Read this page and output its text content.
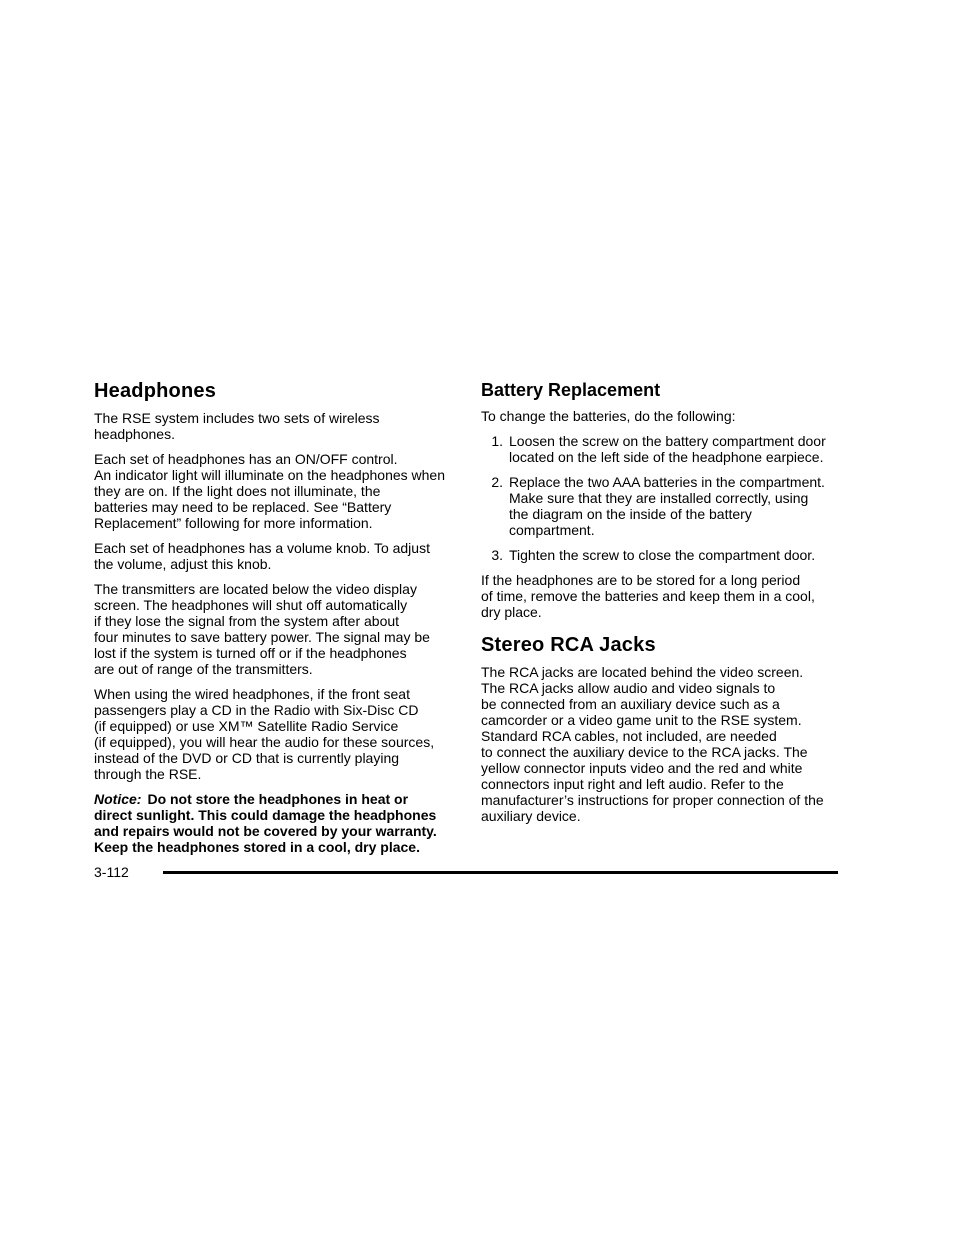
Headphones

The RSE system includes two sets of wireless
headphones.

Each set of headphones has an ON/OFF control.
An indicator light will illuminate on the headphones when
they are on. If the light does not illuminate, the
batteries may need to be replaced. See “Battery
Replacement” following for more information.

Each set of headphones has a volume knob. To adjust
the volume, adjust this knob.

The transmitters are located below the video display
screen. The headphones will shut off automatically
if they lose the signal from the system after about
four minutes to save battery power. The signal may be
lost if the system is turned off or if the headphones
are out of range of the transmitters.

When using the wired headphones, if the front seat
passengers play a CD in the Radio with Six-Disc CD
(if equipped) or use XM™ Satellite Radio Service
(if equipped), you will hear the audio for these sources,
instead of the DVD or CD that is currently playing
through the RSE.

Notice: Do not store the headphones in heat or
direct sunlight. This could damage the headphones
and repairs would not be covered by your warranty.
Keep the headphones stored in a cool, dry place.

Battery Replacement

To change the batteries, do the following:

1. Loosen the screw on the battery compartment door
located on the left side of the headphone earpiece.
2. Replace the two AAA batteries in the compartment.
Make sure that they are installed correctly, using
the diagram on the inside of the battery
compartment.
3. Tighten the screw to close the compartment door.

If the headphones are to be stored for a long period
of time, remove the batteries and keep them in a cool,
dry place.

Stereo RCA Jacks

The RCA jacks are located behind the video screen.
The RCA jacks allow audio and video signals to
be connected from an auxiliary device such as a
camcorder or a video game unit to the RSE system.
Standard RCA cables, not included, are needed
to connect the auxiliary device to the RCA jacks. The
yellow connector inputs video and the red and white
connectors input right and left audio. Refer to the
manufacturer’s instructions for proper connection of the
auxiliary device.

3-112
